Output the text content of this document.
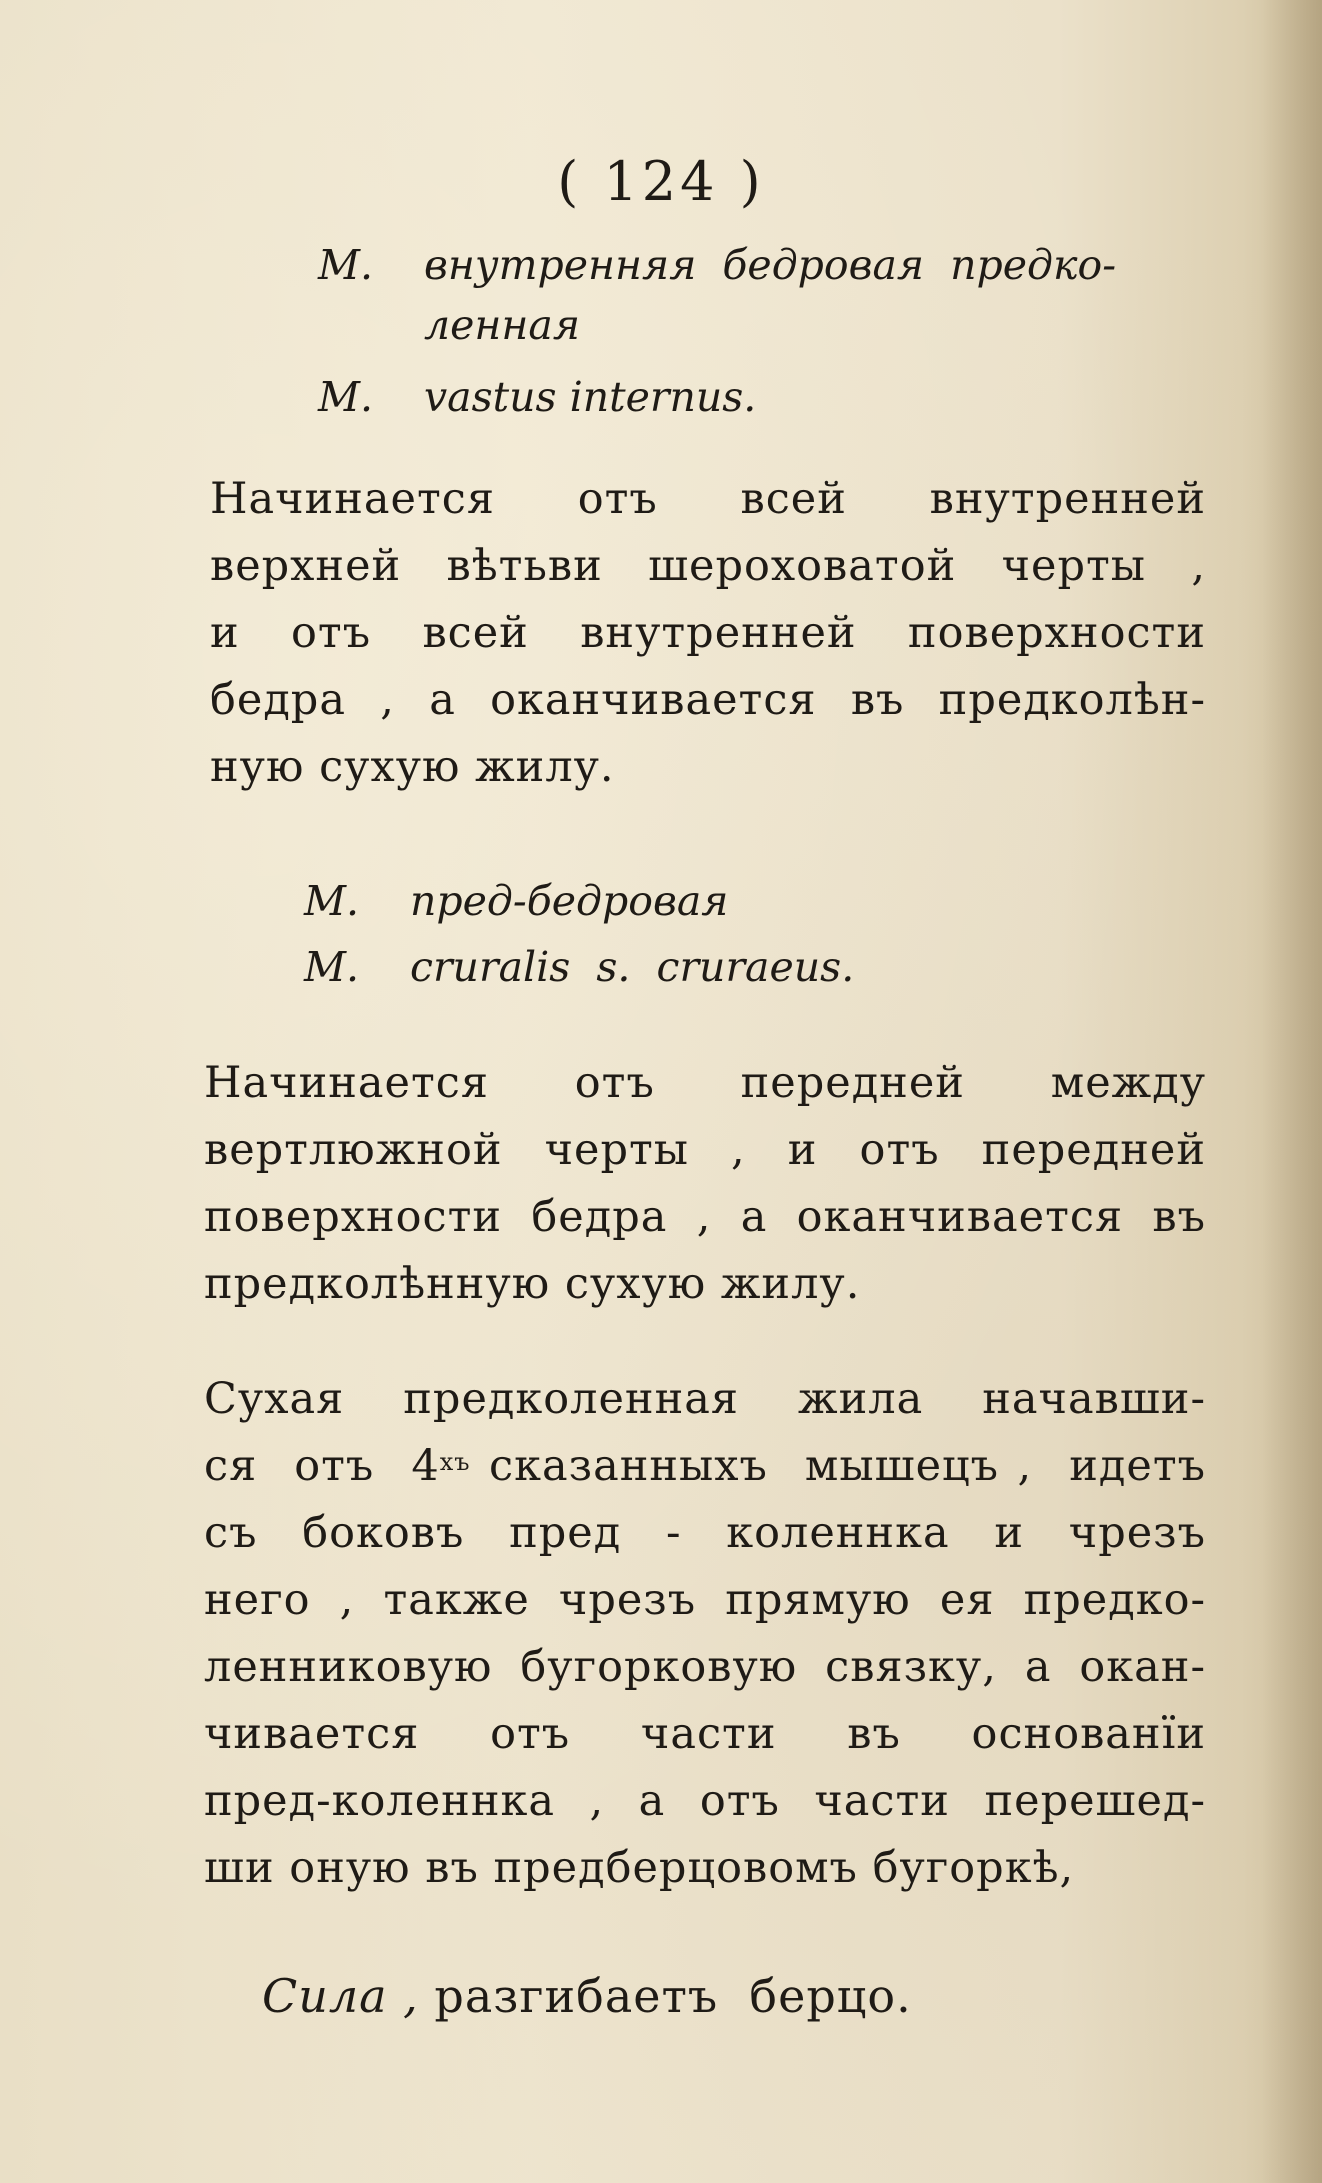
( 124 )
M. внутренняя  бедровая  предко-
ленная
M. vastus internus.
Начинается отъ всей внутренней
верхней вѣтьви шероховатой черты ,
и отъ всей внутренней поверхности
бедра , а оканчивается въ предколѣн-
ную сухую жилу.
M. пред-бедровая
M. cruralis  s.  cruraeus.
Начинается отъ передней между
вертлюжной черты , и отъ передней
поверхности бедра , а оканчивается въ
предколѣнную сухую жилу.
Сухая предколенная жила начавши-
ся  отъ  $4^{хъ}$ сказанныхъ  мышецъ ,  идетъ
съ боковъ пред - коленнка и чрезъ
него , также чрезъ прямую ея предко-
ленниковую бугорковую связку, а окан-
чивается отъ части въ основанїи
пред-коленнка , а отъ части перешед-
ши оную въ предберцовомъ бугоркѣ,
Сила , разгибаетъ  берцо.
